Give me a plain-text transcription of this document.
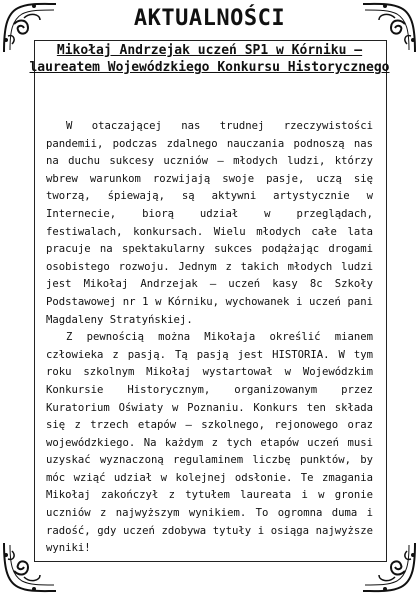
AKTUALNOŚCI
Mikołaj Andrzejak uczeń SP1 w Kórniku – laureatem Wojewódzkiego Konkursu Historycznego

W otaczającej nas trudnej rzeczywistości pandemii, podczas zdalnego nauczania podnoszą nas na duchu sukcesy uczniów – młodych ludzi, którzy wbrew warunkom rozwijają swoje pasje, uczą się tworzą, śpiewają, są aktywni artystycznie w Internecie, biorą udział w przeglądach, festiwalach, konkursach. Wielu młodych całe lata pracuje na spektakularny sukces podążając drogami osobistego rozwoju. Jednym z takich młodych ludzi jest Mikołaj Andrzejak – uczeń kasy 8c Szkoły Podstawowej nr 1 w Kórniku, wychowanek i uczeń pani Magdaleny Stratyńskiej.

Z pewnością można Mikołaja określić mianem człowieka z pasją. Tą pasją jest HISTORIA. W tym roku szkolnym Mikołaj wystartował w Wojewódzkim Konkursie Historycznym, organizowanym przez Kuratorium Oświaty w Poznaniu. Konkurs ten składa się z trzech etapów – szkolnego, rejonowego oraz wojewódzkiego. Na każdym z tych etapów uczeń musi uzyskać wyznaczoną regulaminem liczbę punktów, by móc wziąć udział w kolejnej odsłonie. Te zmagania Mikołaj zakończył z tytułem laureata i w gronie uczniów z najwyższym wynikiem. To ogromna duma i radość, gdy uczeń zdobywa tytuły i osiąga najwyższe wyniki!
